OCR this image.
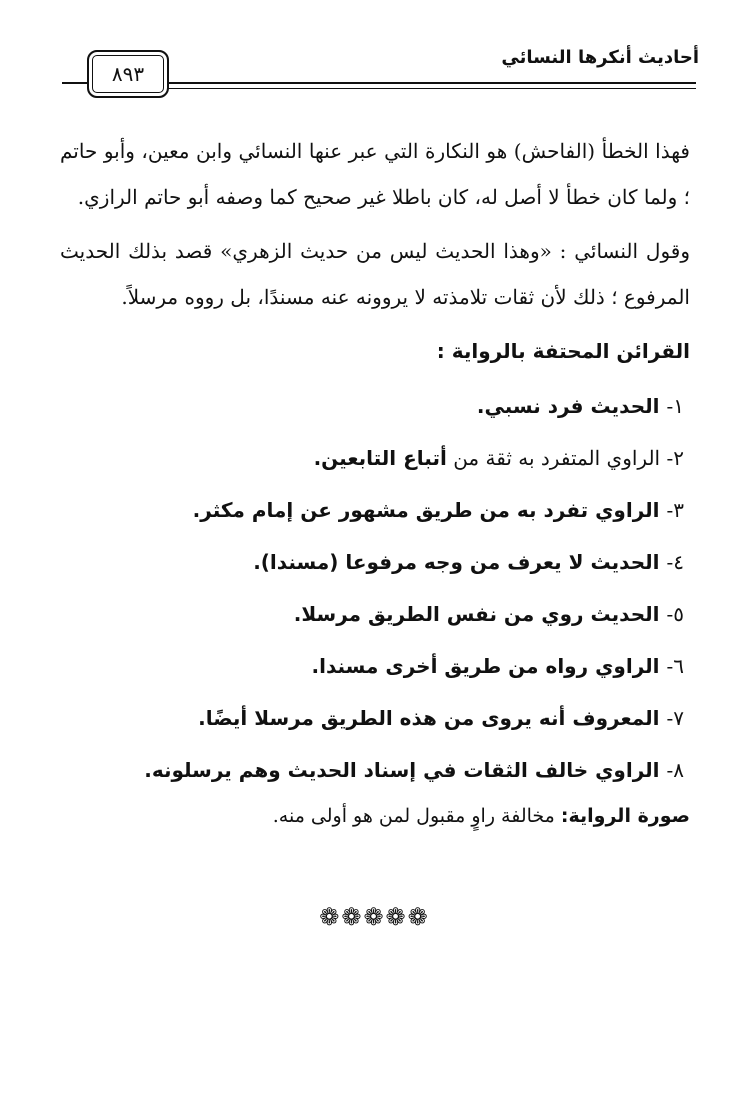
أحاديث أنكرها النسائي
٨٩٣

فهذا الخطأ (الفاحش) هو النكارة التي عبر عنها النسائي وابن معين، وأبو حاتم ؛ ولما كان خطأ لا أصل له، كان باطلا غير صحيح كما وصفه أبو حاتم الرازي.

وقول النسائي : «وهذا الحديث ليس من حديث الزهري» قصد بذلك الحديث المرفوع ؛ ذلك لأن ثقات تلامذته لا يروونه عنه مسندًا، بل رووه مرسلاً.

القرائن المحتفة بالرواية :
١- الحديث فرد نسبي.
٢- الراوي المتفرد به ثقة من أتباع التابعين.
٣- الراوي تفرد به من طريق مشهور عن إمام مكثر.
٤- الحديث لا يعرف من وجه مرفوعا (مسندا).
٥- الحديث روي من نفس الطريق مرسلا.
٦- الراوي رواه من طريق أخرى مسندا.
٧- المعروف أنه يروى من هذه الطريق مرسلا أيضًا.
٨- الراوي خالف الثقات في إسناد الحديث وهم يرسلونه.
صورة الرواية: مخالفة راوٍ مقبول لمن هو أولى منه.
❁❁❁❁❁
